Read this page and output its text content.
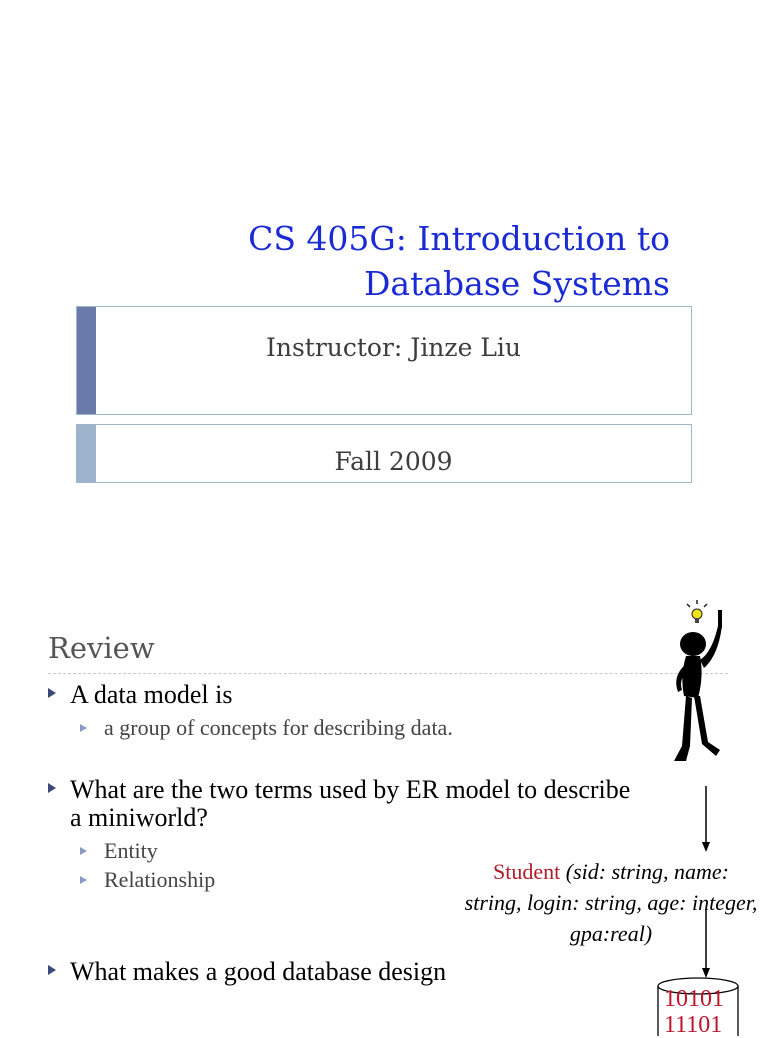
CS 405G: Introduction to
Database Systems
Instructor: Jinze Liu
Fall 2009
Review
A data model is
a group of concepts for describing data.
What are the two terms used by ER model to describe
a miniworld?
Entity
Relationship
What makes a good database design
Student (sid: string, name:
string, login: string, age: integer,
gpa:real)
10101
11101
